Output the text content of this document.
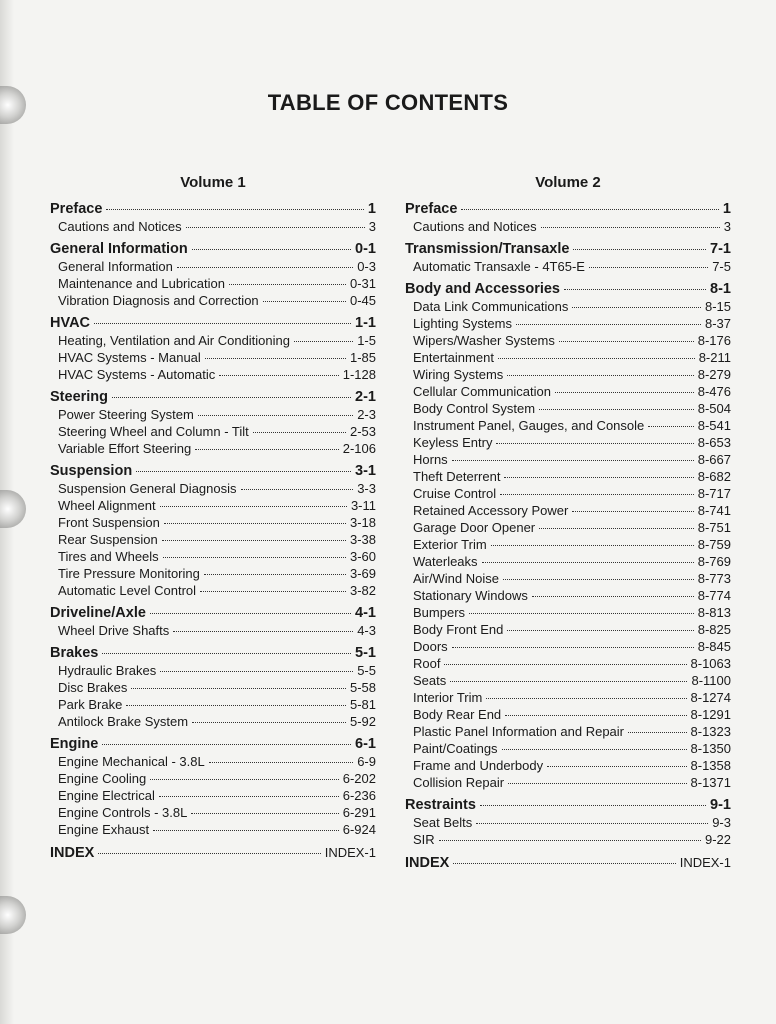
TABLE OF CONTENTS
Volume 1
Preface	1
Cautions and Notices	3
General Information	0-1
General Information	0-3
Maintenance and Lubrication	0-31
Vibration Diagnosis and Correction	0-45
HVAC	1-1
Heating, Ventilation and Air Conditioning	1-5
HVAC Systems - Manual	1-85
HVAC Systems - Automatic	1-128
Steering	2-1
Power Steering System	2-3
Steering Wheel and Column - Tilt	2-53
Variable Effort Steering	2-106
Suspension	3-1
Suspension General Diagnosis	3-3
Wheel Alignment	3-11
Front Suspension	3-18
Rear Suspension	3-38
Tires and Wheels	3-60
Tire Pressure Monitoring	3-69
Automatic Level Control	3-82
Driveline/Axle	4-1
Wheel Drive Shafts	4-3
Brakes	5-1
Hydraulic Brakes	5-5
Disc Brakes	5-58
Park Brake	5-81
Antilock Brake System	5-92
Engine	6-1
Engine Mechanical - 3.8L	6-9
Engine Cooling	6-202
Engine Electrical	6-236
Engine Controls - 3.8L	6-291
Engine Exhaust	6-924
INDEX	INDEX-1
Volume 2
Preface	1
Cautions and Notices	3
Transmission/Transaxle	7-1
Automatic Transaxle - 4T65-E	7-5
Body and Accessories	8-1
Data Link Communications	8-15
Lighting Systems	8-37
Wipers/Washer Systems	8-176
Entertainment	8-211
Wiring Systems	8-279
Cellular Communication	8-476
Body Control System	8-504
Instrument Panel, Gauges, and Console	8-541
Keyless Entry	8-653
Horns	8-667
Theft Deterrent	8-682
Cruise Control	8-717
Retained Accessory Power	8-741
Garage Door Opener	8-751
Exterior Trim	8-759
Waterleaks	8-769
Air/Wind Noise	8-773
Stationary Windows	8-774
Bumpers	8-813
Body Front End	8-825
Doors	8-845
Roof	8-1063
Seats	8-1100
Interior Trim	8-1274
Body Rear End	8-1291
Plastic Panel Information and Repair	8-1323
Paint/Coatings	8-1350
Frame and Underbody	8-1358
Collision Repair	8-1371
Restraints	9-1
Seat Belts	9-3
SIR	9-22
INDEX	INDEX-1
